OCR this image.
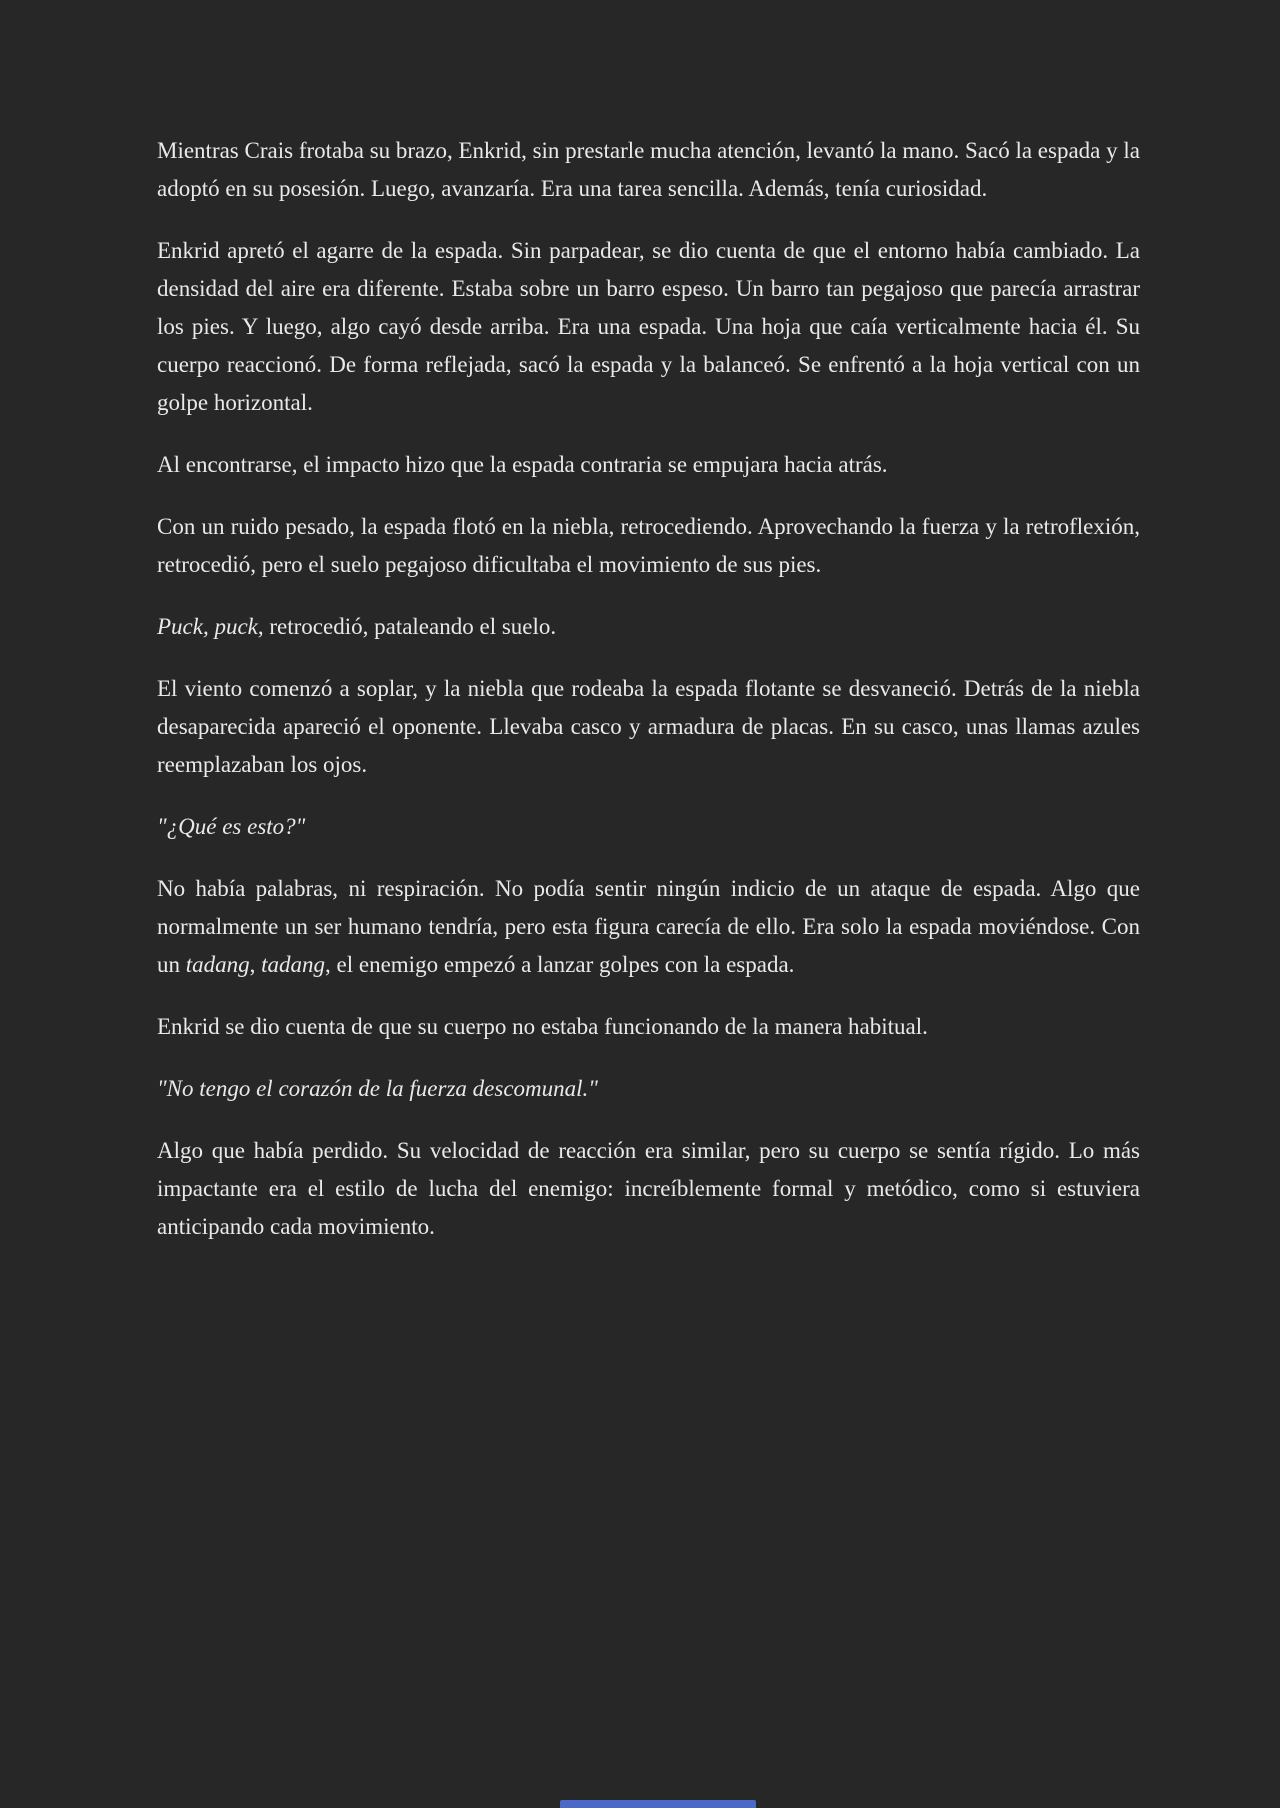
Mientras Crais frotaba su brazo, Enkrid, sin prestarle mucha atención, levantó la mano. Sacó la espada y la adoptó en su posesión. Luego, avanzaría. Era una tarea sencilla. Además, tenía curiosidad.

Enkrid apretó el agarre de la espada. Sin parpadear, se dio cuenta de que el entorno había cambiado. La densidad del aire era diferente. Estaba sobre un barro espeso. Un barro tan pegajoso que parecía arrastrar los pies. Y luego, algo cayó desde arriba. Era una espada. Una hoja que caía verticalmente hacia él. Su cuerpo reaccionó. De forma reflejada, sacó la espada y la balanceó. Se enfrentó a la hoja vertical con un golpe horizontal.

Al encontrarse, el impacto hizo que la espada contraria se empujara hacia atrás.

Con un ruido pesado, la espada flotó en la niebla, retrocediendo. Aprovechando la fuerza y la retroflexión, retrocedió, pero el suelo pegajoso dificultaba el movimiento de sus pies.

Puck, puck, retrocedió, pataleando el suelo.

El viento comenzó a soplar, y la niebla que rodeaba la espada flotante se desvaneció. Detrás de la niebla desaparecida apareció el oponente. Llevaba casco y armadura de placas. En su casco, unas llamas azules reemplazaban los ojos.

"¿Qué es esto?"

No había palabras, ni respiración. No podía sentir ningún indicio de un ataque de espada. Algo que normalmente un ser humano tendría, pero esta figura carecía de ello. Era solo la espada moviéndose. Con un tadang, tadang, el enemigo empezó a lanzar golpes con la espada.

Enkrid se dio cuenta de que su cuerpo no estaba funcionando de la manera habitual.

"No tengo el corazón de la fuerza descomunal."

Algo que había perdido. Su velocidad de reacción era similar, pero su cuerpo se sentía rígido. Lo más impactante era el estilo de lucha del enemigo: increíblemente formal y metódico, como si estuviera anticipando cada movimiento.
